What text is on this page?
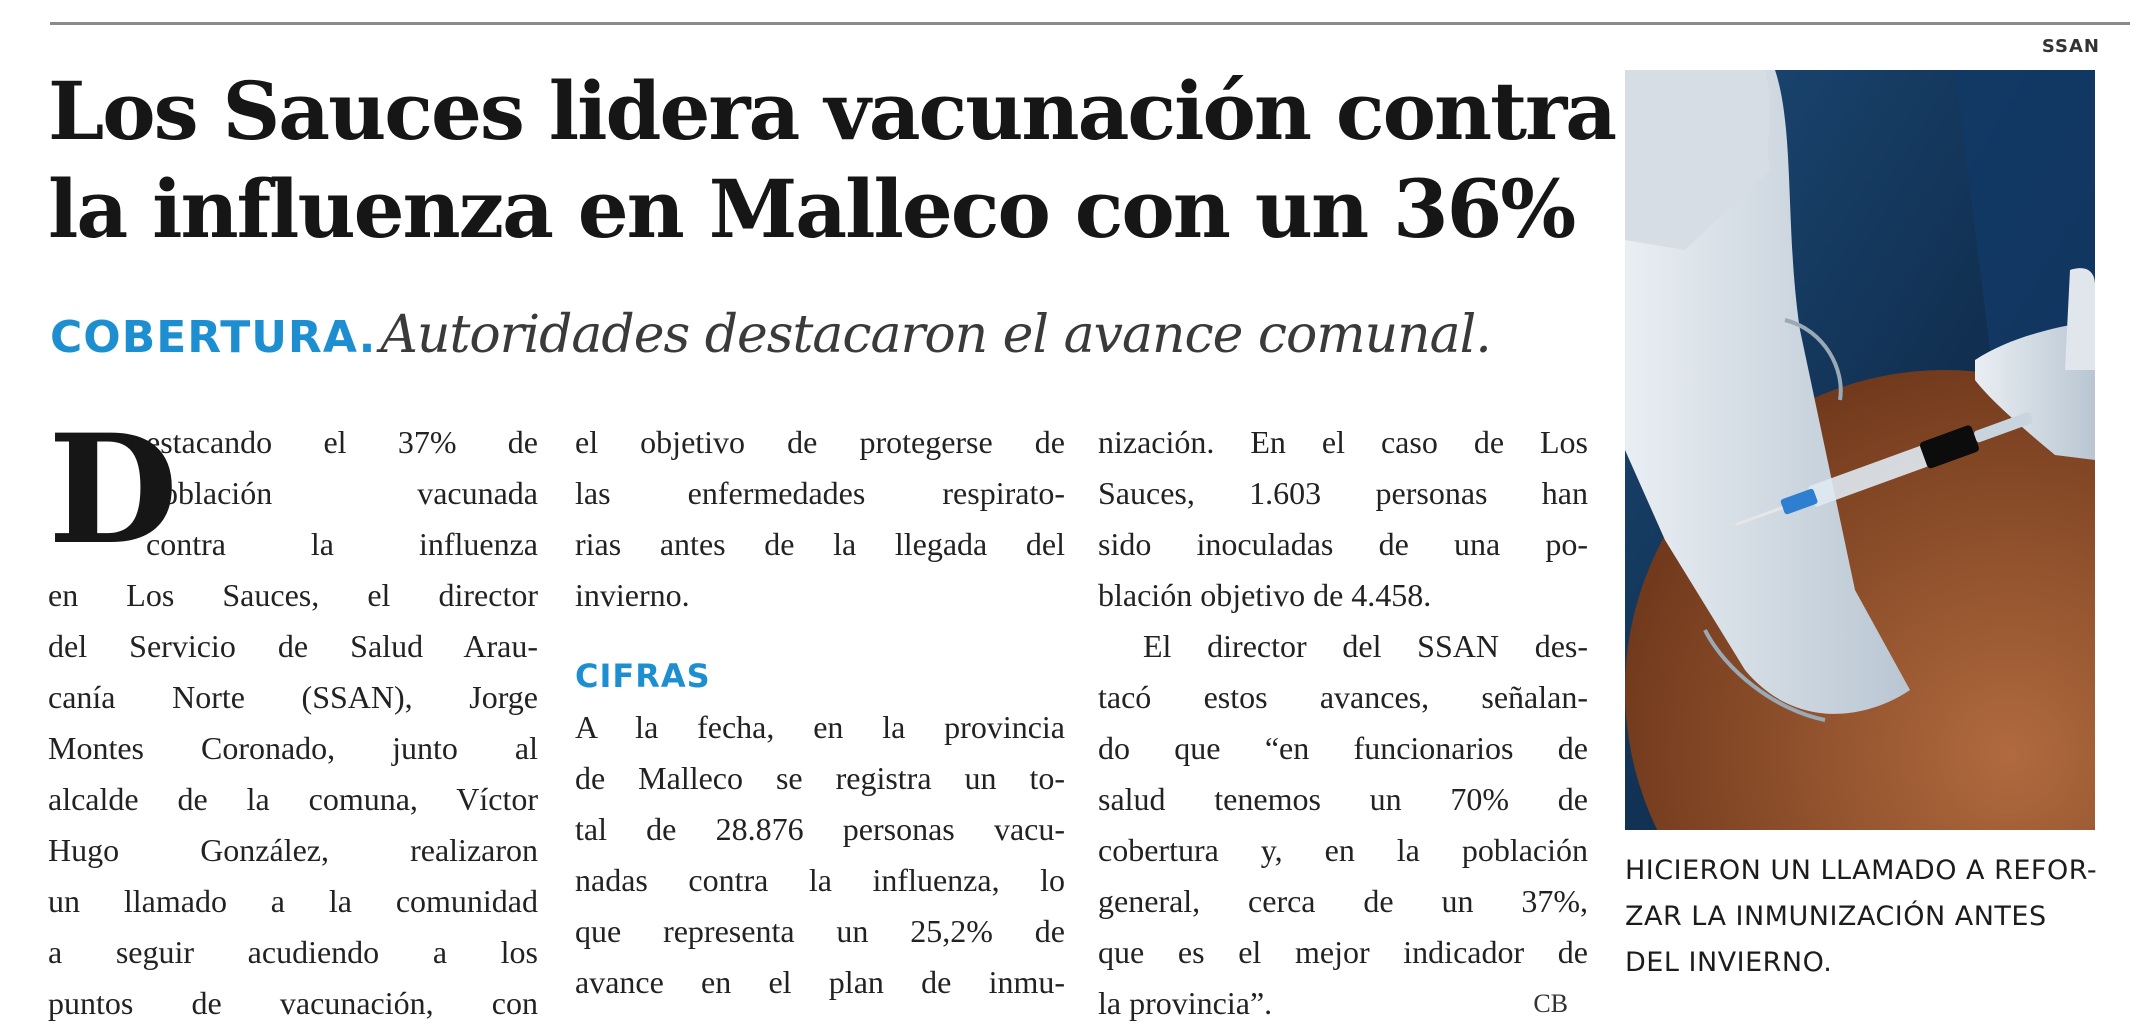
Los Sauces lidera vacunación contra
la influenza en Malleco con un 36%
COBERTURA. Autoridades destacaron el avance comunal.
D
estacando el 37% de
población vacunada
contra la influenza
en Los Sauces, el director
del Servicio de Salud Arau-
canía Norte (SSAN), Jorge
Montes Coronado, junto al
alcalde de la comuna, Víctor
Hugo González, realizaron
un llamado a la comunidad
a seguir acudiendo a los
puntos de vacunación, con
el objetivo de protegerse de
las enfermedades respirato-
rias antes de la llegada del
invierno.
CIFRAS
A la fecha, en la provincia
de Malleco se registra un to-
tal de 28.876 personas vacu-
nadas contra la influenza, lo
que representa un 25,2% de
avance en el plan de inmu-
nización. En el caso de Los
Sauces, 1.603 personas han
sido inoculadas de una po-
blación objetivo de 4.458.
El director del SSAN des-
tacó estos avances, señalan-
do que “en funcionarios de
salud tenemos un 70% de
cobertura y, en la población
general, cerca de un 37%,
que es el mejor indicador de
la provincia”.	CB
SSAN
HICIERON UN LLAMADO A REFOR-
ZAR LA INMUNIZACIÓN ANTES
DEL INVIERNO.
